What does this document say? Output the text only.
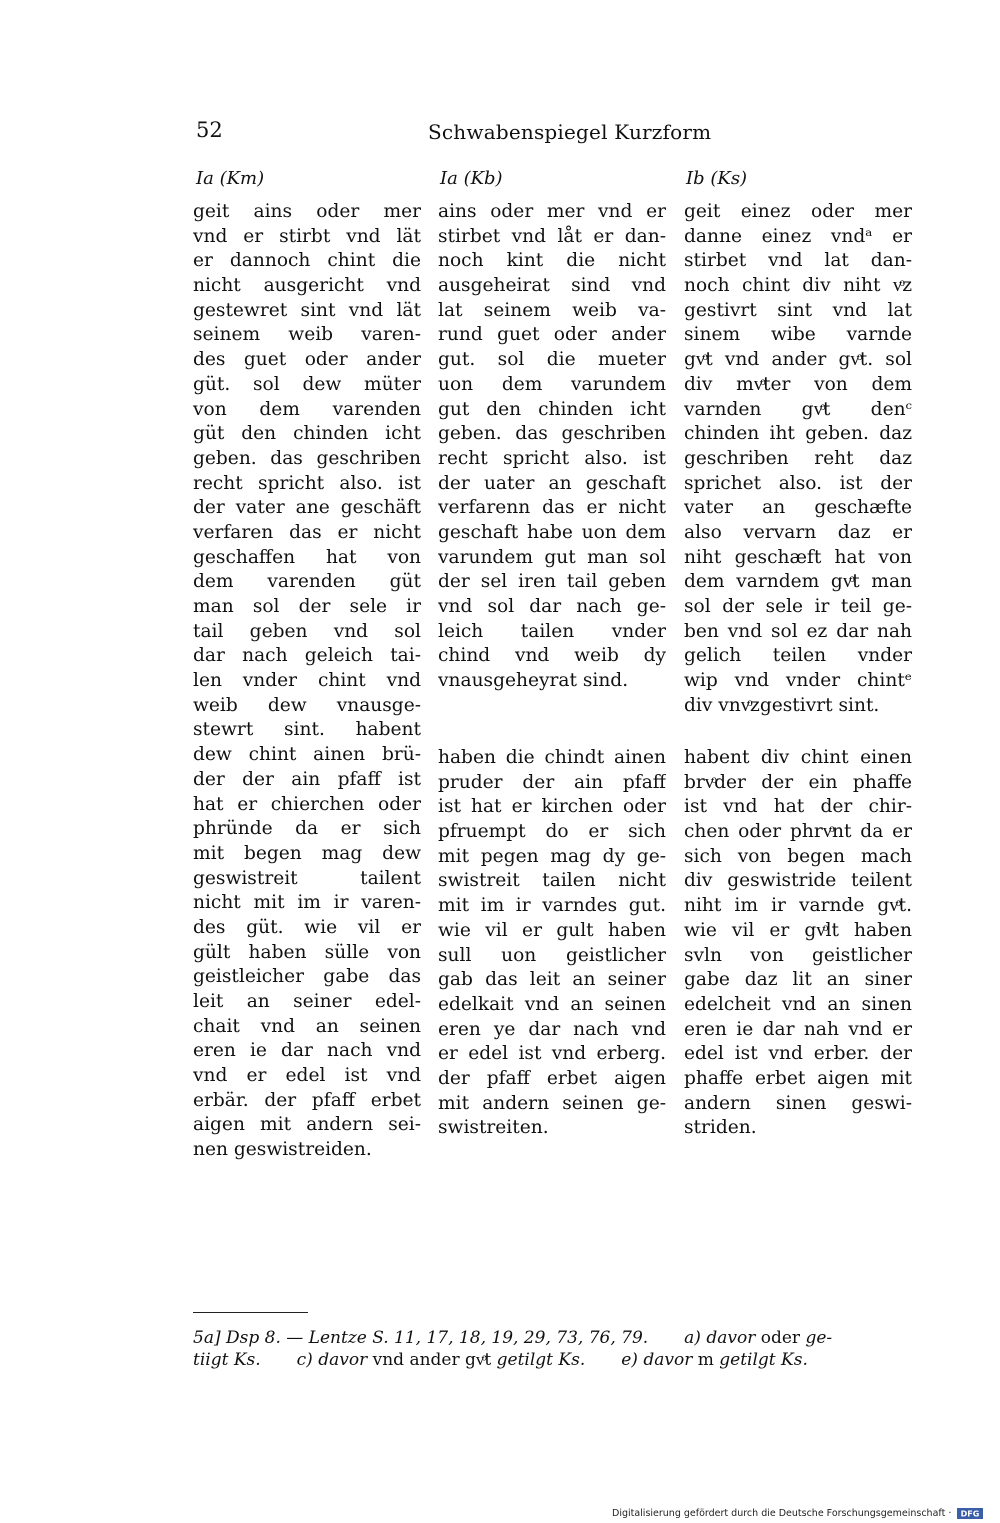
52	Schwabenspiegel Kurzform
Ia (Km)	Ia (Kb)	Ib (Ks)
geit ains oder mer
vnd er stirbt vnd lät
er dannoch chint die
nicht ausgericht vnd
gestewret sint vnd lät
seinem weib varen-
des guet oder ander
güt. sol dew müter
von dem varenden
güt den chinden icht
geben. das geschriben
recht spricht also. ist
der vater ane geschäft
verfaren das er nicht
geschaffen hat von
dem varenden güt
man sol der sele ir
tail geben vnd sol
dar nach geleich tai-
len vnder chint vnd
weib dew vnausge-
stewrt sint. habent
dew chint ainen brü-
der der ain pfaff ist
hat er chierchen oder
phründe da er sich
mit begen mag dew
geswistreit tailent
nicht mit im ir varen-
des güt. wie vil er
gült haben sülle von
geistleicher gabe das
leit an seiner edel-
chait vnd an seinen
eren ie dar nach vnd
vnd er edel ist vnd
erbär. der pfaff erbet
aigen mit andern sei-
nen geswistreiden.
ains oder mer vnd er
stirbet vnd låt er dan-
noch kint die nicht
ausgeheirat sind vnd
lat seinem weib va-
rund guet oder ander
gut. sol die mueter
uon dem varundem
gut den chinden icht
geben. das geschriben
recht spricht also. ist
der uater an geschaft
verfarenn das er nicht
geschaft habe uon dem
varundem gut man sol
der sel iren tail geben
vnd sol dar nach ge-
leich tailen vnder
chind vnd weib dy
vnausgeheyrat sind.
haben die chindt ainen
pruder der ain pfaff
ist hat er kirchen oder
pfruempt do er sich
mit pegen mag dy ge-
swistreit tailen nicht
mit im ir varndes gut.
wie vil er gult haben
sull uon geistlicher
gab das leit an seiner
edelkait vnd an seinen
eren ye dar nach vnd
er edel ist vnd erberg.
der pfaff erbet aigen
mit andern seinen ge-
swistreiten.
geit einez oder mer
danne einez vndᵃ er
stirbet vnd lat dan-
noch chint div niht vͦz
gestivrt sint vnd lat
sinem wibe varnde
gvͦt vnd ander gvͦt. sol
div mvͦter von dem
varnden gvͦt denᶜ
chinden iht geben. daz
geschriben reht daz
sprichet also. ist der
vater an geschæfte
also vervarn daz er
niht geschæft hat von
dem varndem gvͦt man
sol der sele ir teil ge-
ben vnd sol ez dar nah
gelich teilen vnder
wip vnd vnder chintᵉ
div vnvͦzgestivrt sint.
habent div chint einen
brvͦder der ein phaffe
ist vnd hat der chir-
chen oder phrvͦnt da er
sich von begen mach
div geswistride teilent
niht im ir varnde gvͦt.
wie vil er gvͦlt haben
svln von geistlicher
gabe daz lit an siner
edelcheit vnd an sinen
eren ie dar nah vnd er
edel ist vnd erber. der
phaffe erbet aigen mit
andern sinen geswi-
striden.
5a] Dsp 8. — Lentze S. 11, 17, 18, 19, 29, 73, 76, 79. a) davor oder ge-
tiigt Ks. c) davor vnd ander gvͦt getilgt Ks. e) davor m getilgt Ks.
Digitalisierung gefördert durch die Deutsche Forschungsgemeinschaft · DFG
